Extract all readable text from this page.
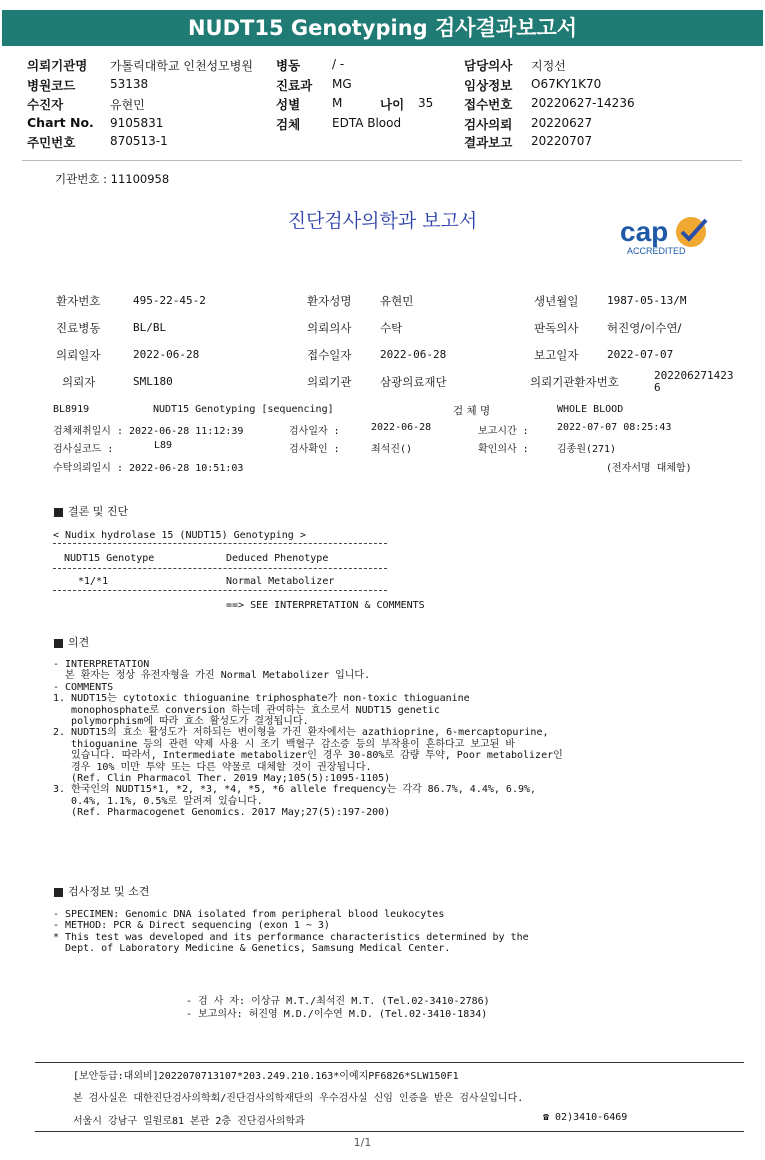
NUDT15 Genotyping 검사결과보고서
의뢰기관명 가톨릭대학교 인천성모병원
병원코드	53138
수진자	유현민
Chart No. 9105831
주민번호	870513-1
병동	/ -
진료과 MG
성별	M	나이 35
검체	EDTA Blood
담당의사 지정선
임상정보 O67KY1K70
접수번호 20220627-14236
검사의뢰 20220627
결과보고 20220707
기관번호 : 11100958
진단검사의학과 보고서	cap
ACCREDITED
환자번호	495-22-45-2	환자성명 유현민	생년월일	1987-05-13/M
진료병동	BL/BL	의뢰의사 수탁	판독의사 허진영/이수연/
의뢰일자	2022-06-28	접수일자	2022-06-28	보고일자	2022-07-07
의뢰자	SML180	의뢰기관 삼광의료재단	의뢰기관환자번호	202206271423
6
BL8919	NUDT15 Genotyping [sequencing]	검 체 명	WHOLE BLOOD
검체채취일시 : 2022-06-28 11:12:39	검사일자 :	2022-06-28	보고시간 :	2022-07-07 08:25:43
검사실코드 :	L89	검사확인 :	최석진()	확인의사 :	김종원(271)
수탁의뢰일시 : 2022-06-28 10:51:03	(전자서명 대체함)
결론 및 진단
< Nudix hydrolase 15 (NUDT15) Genotyping >
NUDT15 Genotype	Deduced Phenotype
*1/*1	Normal Metabolizer
==> SEE INTERPRETATION & COMMENTS
의견
- INTERPRETATION
본 환자는 정상 유전자형을 가진 Normal Metabolizer 입니다.
- COMMENTS
1. NUDT15는 cytotoxic thioguanine triphosphate가 non-toxic thioguanine
monophosphate로 conversion 하는데 관여하는 효소로서 NUDT15 genetic
polymorphism에 따라 효소 활성도가 결정됩니다.
2. NUDT15의 효소 활성도가 저하되는 변이형을 가진 환자에서는 azathioprine, 6-mercaptopurine,
thioguanine 등의 관련 약제 사용 시 조기 백혈구 감소증 등의 부작용이 흔하다고 보고된 바
있습니다. 따라서, Intermediate metabolizer인 경우 30-80%로 감량 투약, Poor metabolizer인
경우 10% 미만 투약 또는 다른 약물로 대체할 것이 권장됩니다.
(Ref. Clin Pharmacol Ther. 2019 May;105(5):1095-1105)
3. 한국인의 NUDT15*1, *2, *3, *4, *5, *6 allele frequency는 각각 86.7%, 4.4%, 6.9%,
0.4%, 1.1%, 0.5%로 알려져 있습니다.
(Ref. Pharmacogenet Genomics. 2017 May;27(5):197-200)
검사정보 및 소견
- SPECIMEN: Genomic DNA isolated from peripheral blood leukocytes
- METHOD: PCR & Direct sequencing (exon 1 ~ 3)
* This test was developed and its performance characteristics determined by the
Dept. of Laboratory Medicine & Genetics, Samsung Medical Center.
- 검 사 자: 이상규 M.T./최석진 M.T. (Tel.02-3410-2786)
- 보고의사: 허진영 M.D./이수연 M.D. (Tel.02-3410-1834)
[보안등급:대외비]2022070713107*203.249.210.163*이예지PF6826*SLW150F1
본 검사실은 대한진단검사의학회/진단검사의학재단의 우수검사실 신임 인증을 받은 검사실입니다.
서울시 강남구 일원로81 본관 2층 진단검사의학과	☎ 02)3410-6469
1/1
